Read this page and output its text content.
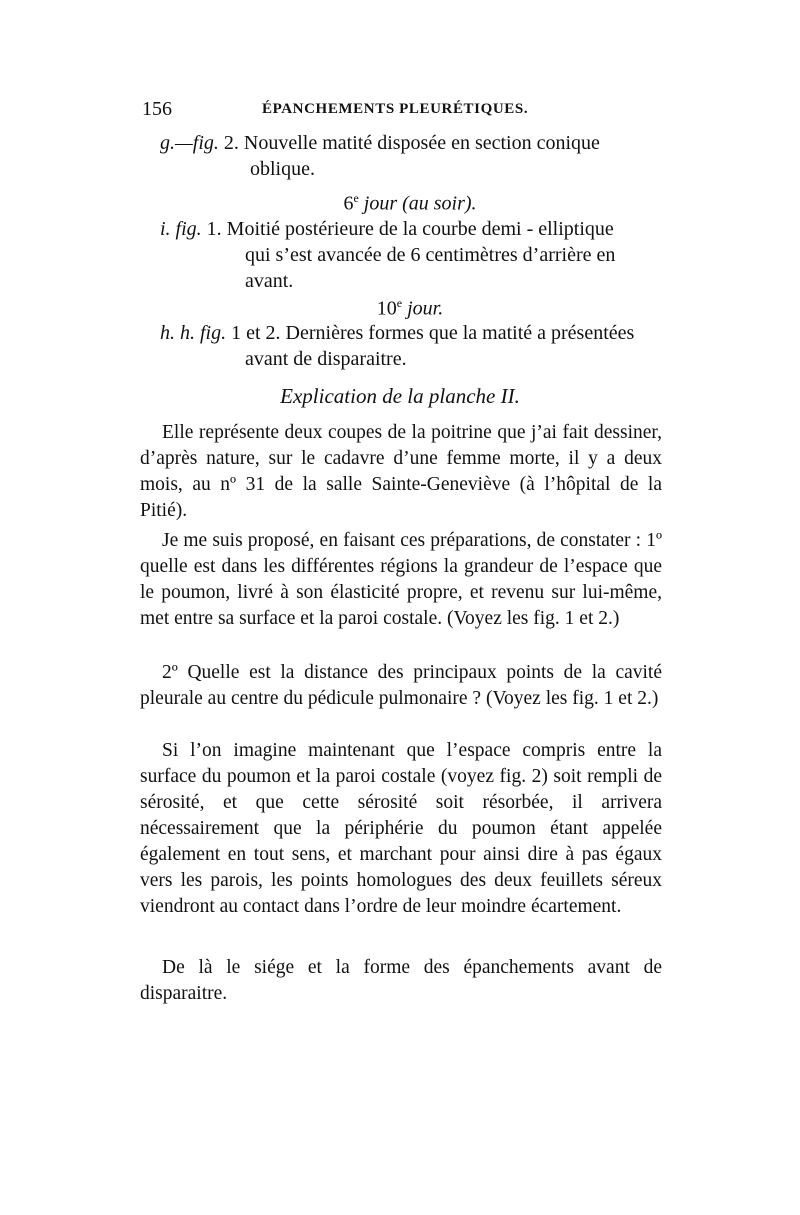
156	ÉPANCHEMENTS PLEURÉTIQUES.
g.—fig. 2. Nouvelle matité disposée en section conique
oblique.
6e jour (au soir).
i. fig. 1. Moitié postérieure de la courbe demi - elliptique
qui s’est avancée de 6 centimètres d’arrière en
avant.
10e jour.
h. h. fig. 1 et 2. Dernières formes que la matité a présentées
avant de disparaitre.
Explication de la planche II.
Elle représente deux coupes de la poitrine que j’ai fait dessiner, d’après nature, sur le cadavre d’une femme morte, il y a deux mois, au nº 31 de la salle Sainte-Geneviève (à l’hôpital de la Pitié).
Je me suis proposé, en faisant ces préparations, de constater : 1º quelle est dans les différentes régions la grandeur de l’espace que le poumon, livré à son élasticité propre, et revenu sur lui-même, met entre sa surface et la paroi costale. (Voyez les fig. 1 et 2.)
2º Quelle est la distance des principaux points de la cavité pleurale au centre du pédicule pulmonaire ? (Voyez les fig. 1 et 2.)
Si l’on imagine maintenant que l’espace compris entre la surface du poumon et la paroi costale (voyez fig. 2) soit rempli de sérosité, et que cette sérosité soit résorbée, il arrivera nécessairement que la périphérie du poumon étant appelée également en tout sens, et marchant pour ainsi dire à pas égaux vers les parois, les points homologues des deux feuillets séreux viendront au contact dans l’ordre de leur moindre écartement.
De là le siége et la forme des épanchements avant de disparaitre.
